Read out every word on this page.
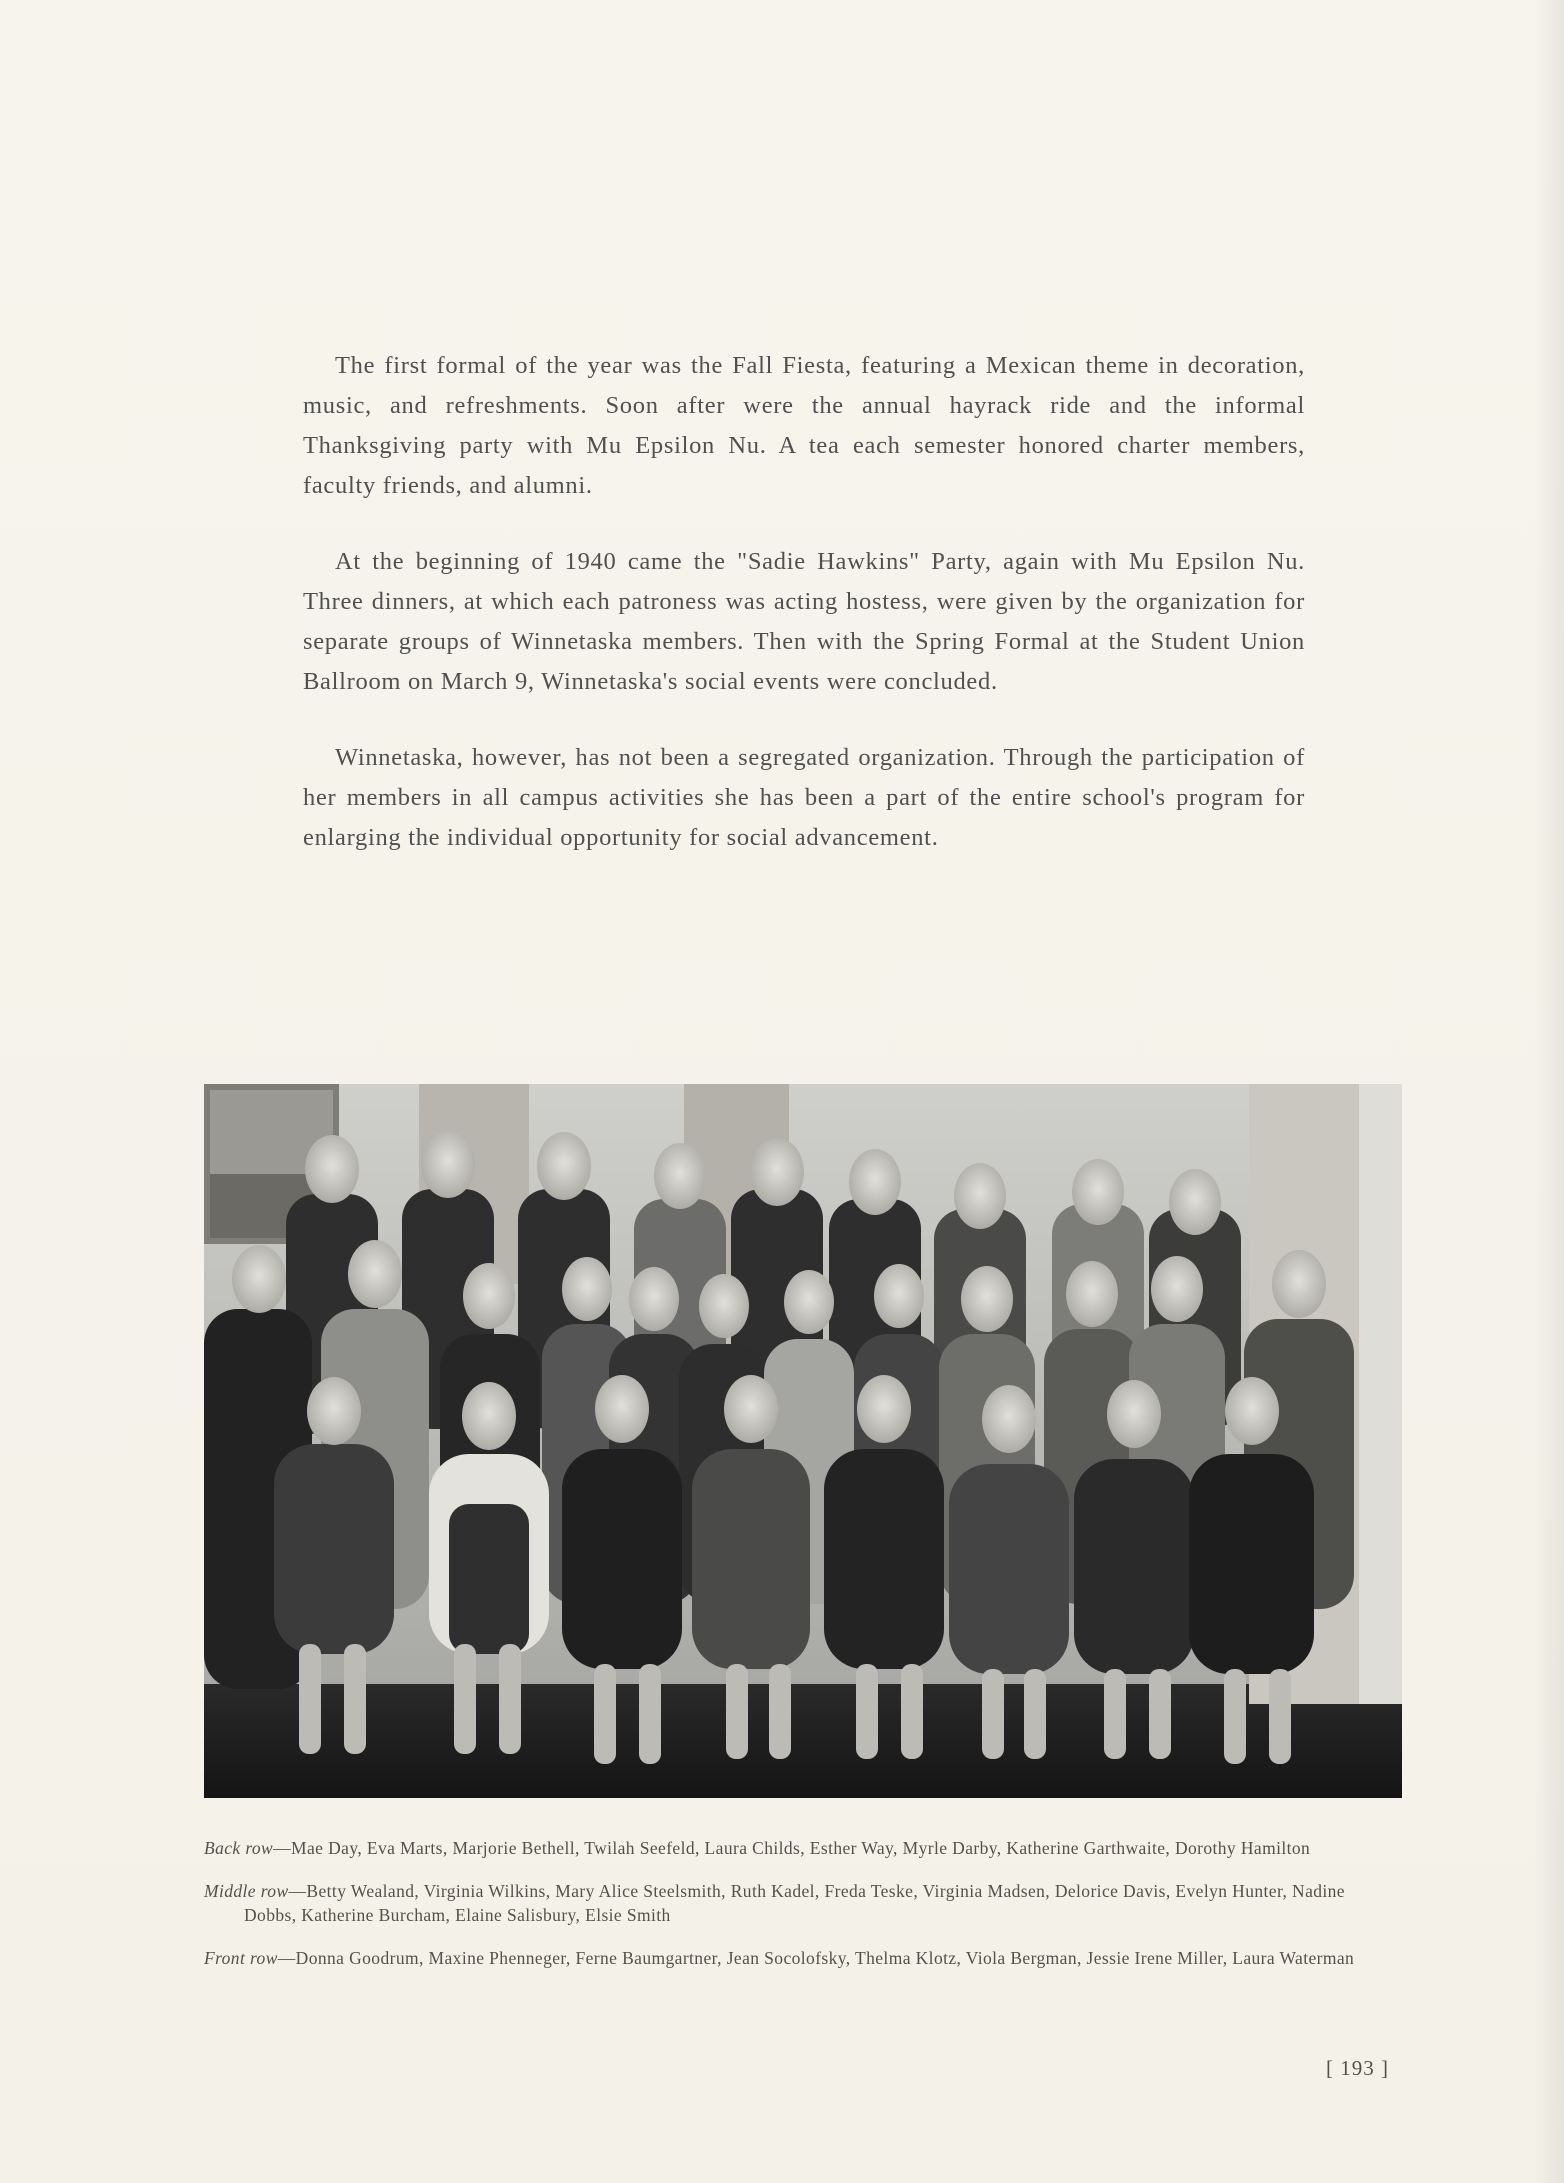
The first formal of the year was the Fall Fiesta, featuring a Mexican theme in decoration, music, and refreshments. Soon after were the annual hayrack ride and the informal Thanksgiving party with Mu Epsilon Nu. A tea each semester honored charter members, faculty friends, and alumni.

At the beginning of 1940 came the "Sadie Hawkins" Party, again with Mu Epsilon Nu. Three dinners, at which each patroness was acting hostess, were given by the organization for separate groups of Winnetaska members. Then with the Spring Formal at the Student Union Ballroom on March 9, Winnetaska's social events were concluded.

Winnetaska, however, has not been a segregated organization. Through the participation of her members in all campus activities she has been a part of the entire school's program for enlarging the individual opportunity for social advancement.

Back row—Mae Day, Eva Marts, Marjorie Bethell, Twilah Seefeld, Laura Childs, Esther Way, Myrle Darby, Katherine Garthwaite, Dorothy Hamilton

Middle row—Betty Wealand, Virginia Wilkins, Mary Alice Steelsmith, Ruth Kadel, Freda Teske, Virginia Madsen, Delorice Davis, Evelyn Hunter, Nadine Dobbs, Katherine Burcham, Elaine Salisbury, Elsie Smith

Front row—Donna Goodrum, Maxine Phenneger, Ferne Baumgartner, Jean Socolofsky, Thelma Klotz, Viola Bergman, Jessie Irene Miller, Laura Waterman

[ 193 ]
